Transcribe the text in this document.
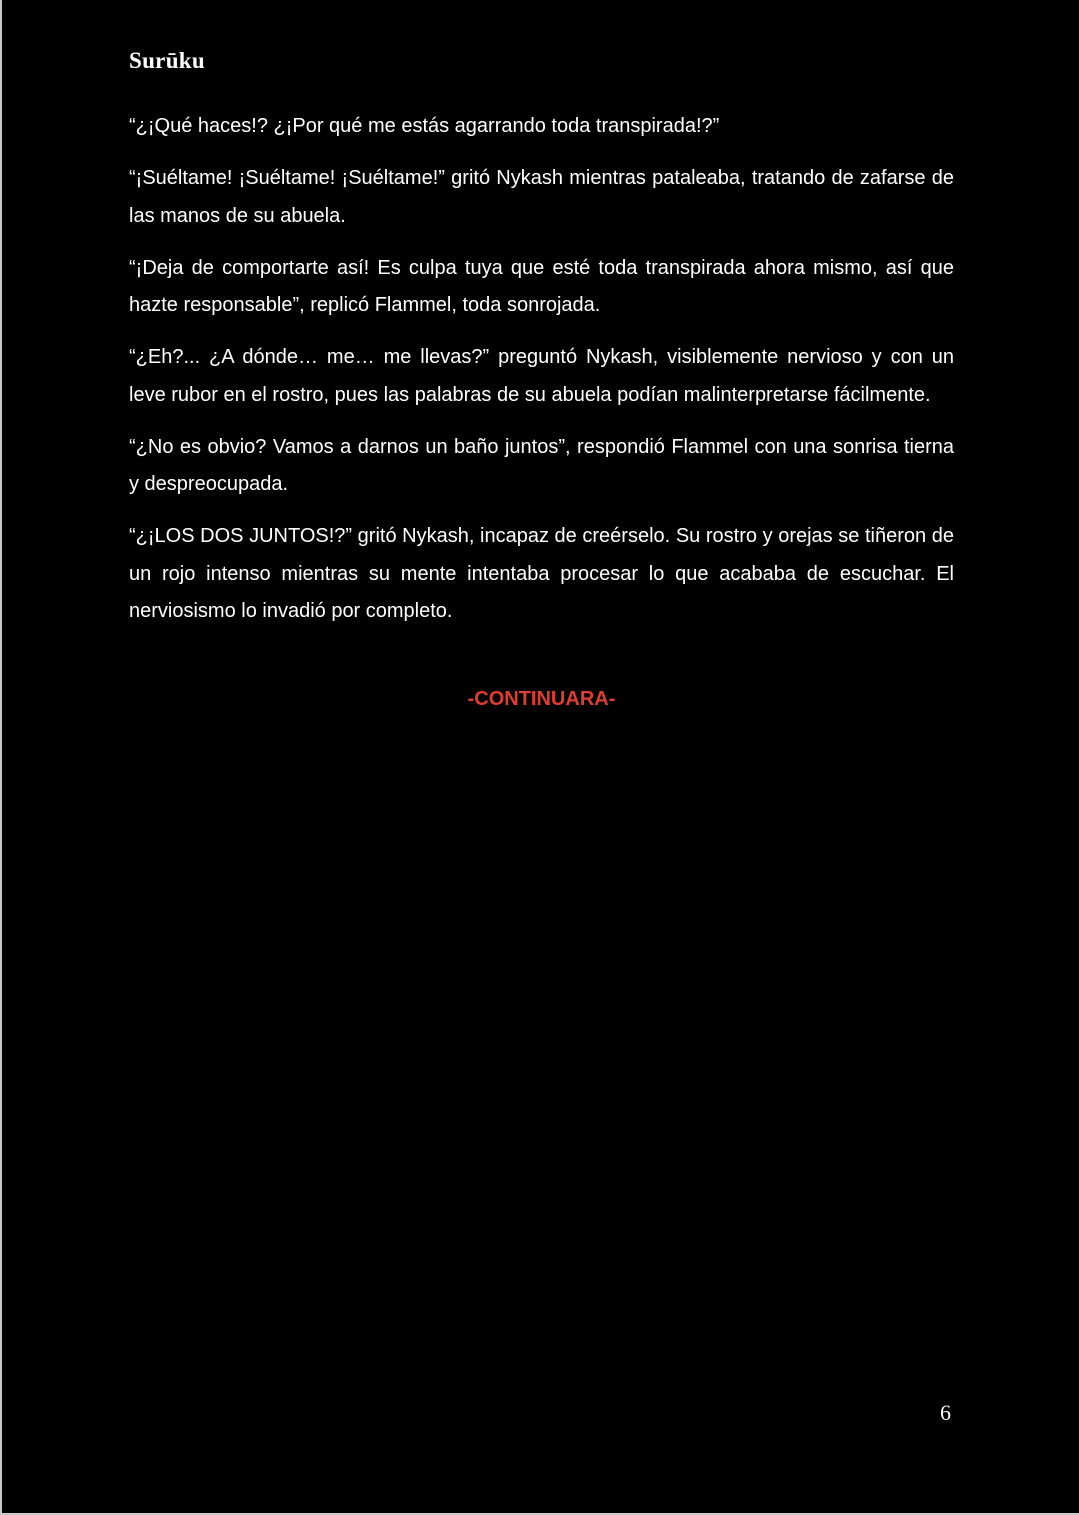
Surūku

“¿¡Qué haces!? ¿¡Por qué me estás agarrando toda transpirada!?”

“¡Suéltame! ¡Suéltame! ¡Suéltame!” gritó Nykash mientras pataleaba, tratando de zafarse de las manos de su abuela.

“¡Deja de comportarte así! Es culpa tuya que esté toda transpirada ahora mismo, así que hazte responsable”, replicó Flammel, toda sonrojada.

“¿Eh?... ¿A dónde… me… me llevas?” preguntó Nykash, visiblemente nervioso y con un leve rubor en el rostro, pues las palabras de su abuela podían malinterpretarse fácilmente.

“¿No es obvio? Vamos a darnos un baño juntos”, respondió Flammel con una sonrisa tierna y despreocupada.

“¿¡LOS DOS JUNTOS!?” gritó Nykash, incapaz de creérselo. Su rostro y orejas se tiñeron de un rojo intenso mientras su mente intentaba procesar lo que acababa de escuchar. El nerviosismo lo invadió por completo.

-CONTINUARA-
6
